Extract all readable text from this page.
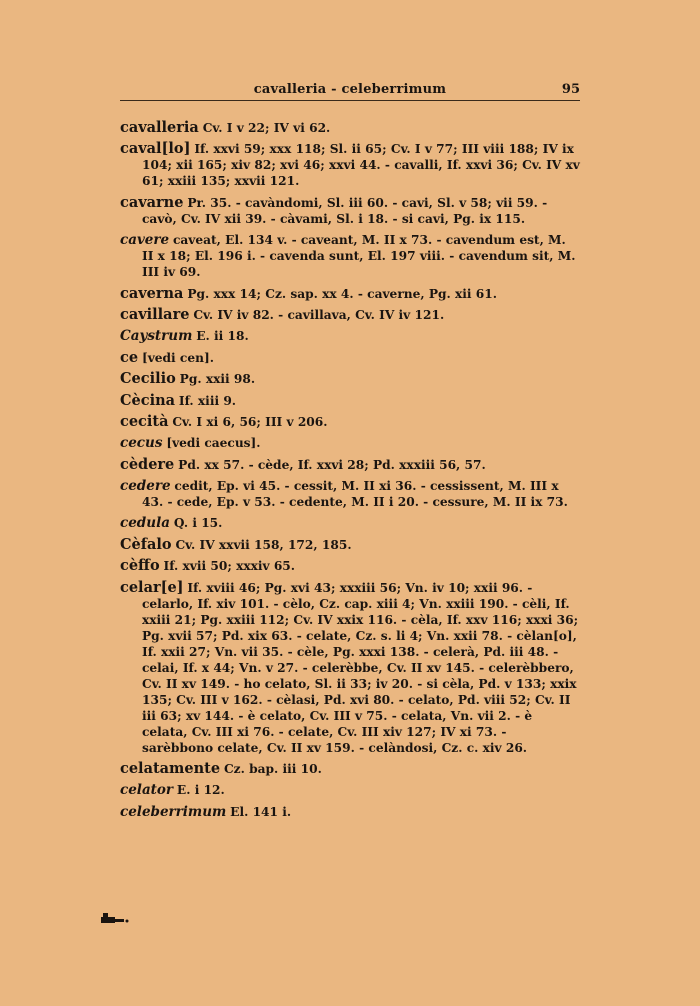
cavalleria - celeberrimum	95
cavalleria Cv. I v 22; IV vi 62.
caval[lo] If. xxvi 59; xxx 118; Sl. ii 65; Cv. I v 77; III viii 188; IV ix 104; xii 165; xiv 82; xvi 46; xxvi 44. - cavalli, If. xxvi 36; Cv. IV xv 61; xxiii 135; xxvii 121.
cavarne Pr. 35. - cavàndomi, Sl. iii 60. - cavi, Sl. v 58; vii 59. - cavò, Cv. IV xii 39. - càvami, Sl. i 18. - si cavi, Pg. ix 115.
cavere caveat, El. 134 v. - caveant, M. II x 73. - cavendum est, M. II x 18; El. 196 i. - cavenda sunt, El. 197 viii. - cavendum sit, M. III iv 69.
caverna Pg. xxx 14; Cz. sap. xx 4. - caverne, Pg. xii 61.
cavillare Cv. IV iv 82. - cavillava, Cv. IV iv 121.
Caystrum E. ii 18.
ce [vedi cen].
Cecilio Pg. xxii 98.
Cècina If. xiii 9.
cecità Cv. I xi 6, 56; III v 206.
cecus [vedi caecus].
cèdere Pd. xx 57. - cède, If. xxvi 28; Pd. xxxiii 56, 57.
cedere cedit, Ep. vi 45. - cessit, M. II xi 36. - cessissent, M. III x 43. - cede, Ep. v 53. - cedente, M. II i 20. - cessure, M. II ix 73.
cedula Q. i 15.
Cèfalo Cv. IV xxvii 158, 172, 185.
cèffo If. xvii 50; xxxiv 65.
celar[e] If. xviii 46; Pg. xvi 43; xxxiii 56; Vn. iv 10; xxii 96. - celarlo, If. xiv 101. - cèlo, Cz. cap. xiii 4; Vn. xxiii 190. - cèli, If. xxiii 21; Pg. xxiii 112; Cv. IV xxix 116. - cèla, If. xxv 116; xxxi 36; Pg. xvii 57; Pd. xix 63. - celate, Cz. s. li 4; Vn. xxii 78. - cèlan[o], If. xxii 27; Vn. vii 35. - cèle, Pg. xxxi 138. - celerà, Pd. iii 48. - celai, If. x 44; Vn. v 27. - celerèbbe, Cv. II xv 145. - celerèbbero, Cv. II xv 149. - ho celato, Sl. ii 33; iv 20. - si cèla, Pd. v 133; xxix 135; Cv. III v 162. - cèlasi, Pd. xvi 80. - celato, Pd. viii 52; Cv. II iii 63; xv 144. - è celato, Cv. III v 75. - celata, Vn. vii 2. - è celata, Cv. III xi 76. - celate, Cv. III xiv 127; IV xi 73. - sarèbbono celate, Cv. II xv 159. - celàndosi, Cz. c. xiv 26.
celatamente Cz. bap. iii 10.
celator E. i 12.
celeberrimum El. 141 i.
